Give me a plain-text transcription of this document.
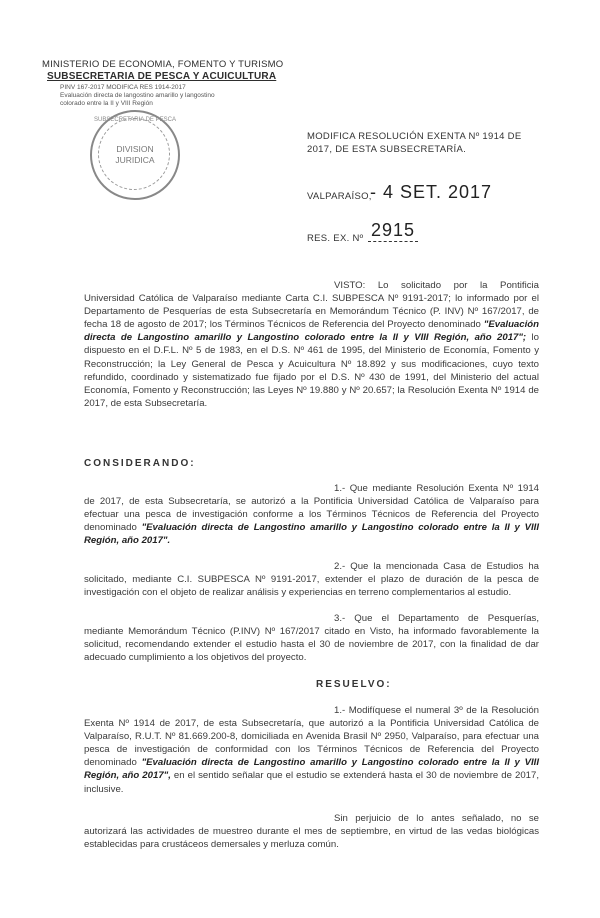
MINISTERIO DE ECONOMIA, FOMENTO Y TURISMO
SUBSECRETARIA DE PESCA Y ACUICULTURA
PINV 167-2017 MODIFICA RES 1914-2017
Evaluación directa de langostino amarillo y langostino
colorado entre la II y VIII Región
SUBSECRETARIA DE PESCA
DIVISION
JURIDICA
MODIFICA RESOLUCIÓN EXENTA Nº 1914 DE
2017, DE ESTA SUBSECRETARÍA.
VALPARAÍSO,
- 4 SET. 2017
RES. EX. Nº 2915
VISTO: Lo solicitado por la Pontificia Universidad Católica de Valparaíso mediante Carta C.I. SUBPESCA Nº 9191-2017; lo informado por el Departamento de Pesquerías de esta Subsecretaría en Memorándum Técnico (P. INV) Nº 167/2017, de fecha 18 de agosto de 2017; los Términos Técnicos de Referencia del Proyecto denominado "Evaluación directa de Langostino amarillo y Langostino colorado entre la II y VIII Región, año 2017"; lo dispuesto en el D.F.L. Nº 5 de 1983, en el D.S. Nº 461 de 1995, del Ministerio de Economía, Fomento y Reconstrucción; la Ley General de Pesca y Acuicultura Nº 18.892 y sus modificaciones, cuyo texto refundido, coordinado y sistematizado fue fijado por el D.S. Nº 430 de 1991, del Ministerio del actual Economía, Fomento y Reconstrucción; las Leyes Nº 19.880 y Nº 20.657; la Resolución Exenta Nº 1914 de 2017, de esta Subsecretaría.
CONSIDERANDO:
1.- Que mediante Resolución Exenta Nº 1914 de 2017, de esta Subsecretaría, se autorizó a la Pontificia Universidad Católica de Valparaíso para efectuar una pesca de investigación conforme a los Términos Técnicos de Referencia del Proyecto denominado "Evaluación directa de Langostino amarillo y Langostino colorado entre la II y VIII Región, año 2017".
2.- Que la mencionada Casa de Estudios ha solicitado, mediante C.I. SUBPESCA Nº 9191-2017, extender el plazo de duración de la pesca de investigación con el objeto de realizar análisis y experiencias en terreno complementarios al estudio.
3.- Que el Departamento de Pesquerías, mediante Memorándum Técnico (P.INV) Nº 167/2017 citado en Visto, ha informado favorablemente la solicitud, recomendando extender el estudio hasta el 30 de noviembre de 2017, con la finalidad de dar adecuado cumplimiento a los objetivos del proyecto.
RESUELVO:
1.- Modifíquese el numeral 3º de la Resolución Exenta Nº 1914 de 2017, de esta Subsecretaría, que autorizó a la Pontificia Universidad Católica de Valparaíso, R.U.T. Nº 81.669.200-8, domiciliada en Avenida Brasil Nº 2950, Valparaíso, para efectuar una pesca de investigación de conformidad con los Términos Técnicos de Referencia del Proyecto denominado "Evaluación directa de Langostino amarillo y Langostino colorado entre la II y VIII Región, año 2017", en el sentido señalar que el estudio se extenderá hasta el 30 de noviembre de 2017, inclusive.
Sin perjuicio de lo antes señalado, no se autorizará las actividades de muestreo durante el mes de septiembre, en virtud de las vedas biológicas establecidas para crustáceos demersales y merluza común.
